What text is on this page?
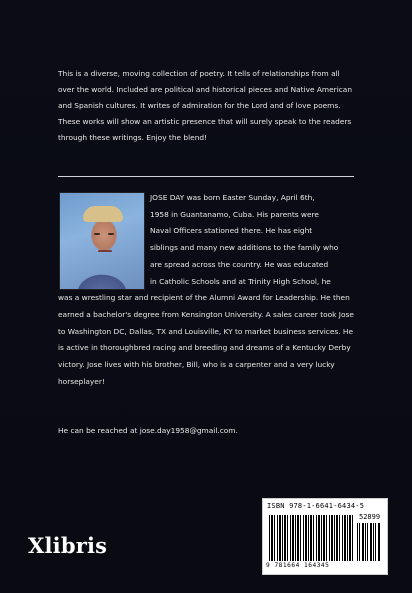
This is a diverse, moving collection of poetry. It tells of relationships from all over the world. Included are political and historical pieces and Native American and Spanish cultures. It writes of admiration for the Lord and of love poems. These works will show an artistic presence that will surely speak to the readers through these writings. Enjoy the blend!
JOSE DAY was born Easter Sunday, April 6th,
1958 in Guantanamo, Cuba. His parents were
Naval Officers stationed there. He has eight
siblings and many new additions to the family who
are spread across the country. He was educated
in Catholic Schools and at Trinity High School, he

was a wrestling star and recipient of the Alumni Award for Leadership. He then earned a bachelor's degree from Kensington University. A sales career took Jose to Washington DC, Dallas, TX and Louisville, KY to market business services. He is active in thoroughbred racing and breeding and dreams of a Kentucky Derby victory. Jose lives with his brother, Bill, who is a carpenter and a very lucky horseplayer!

He can be reached at jose.day1958@gmail.com.
Xlibris
ISBN 978-1-6641-6434-5
52899
9 781664 164345
